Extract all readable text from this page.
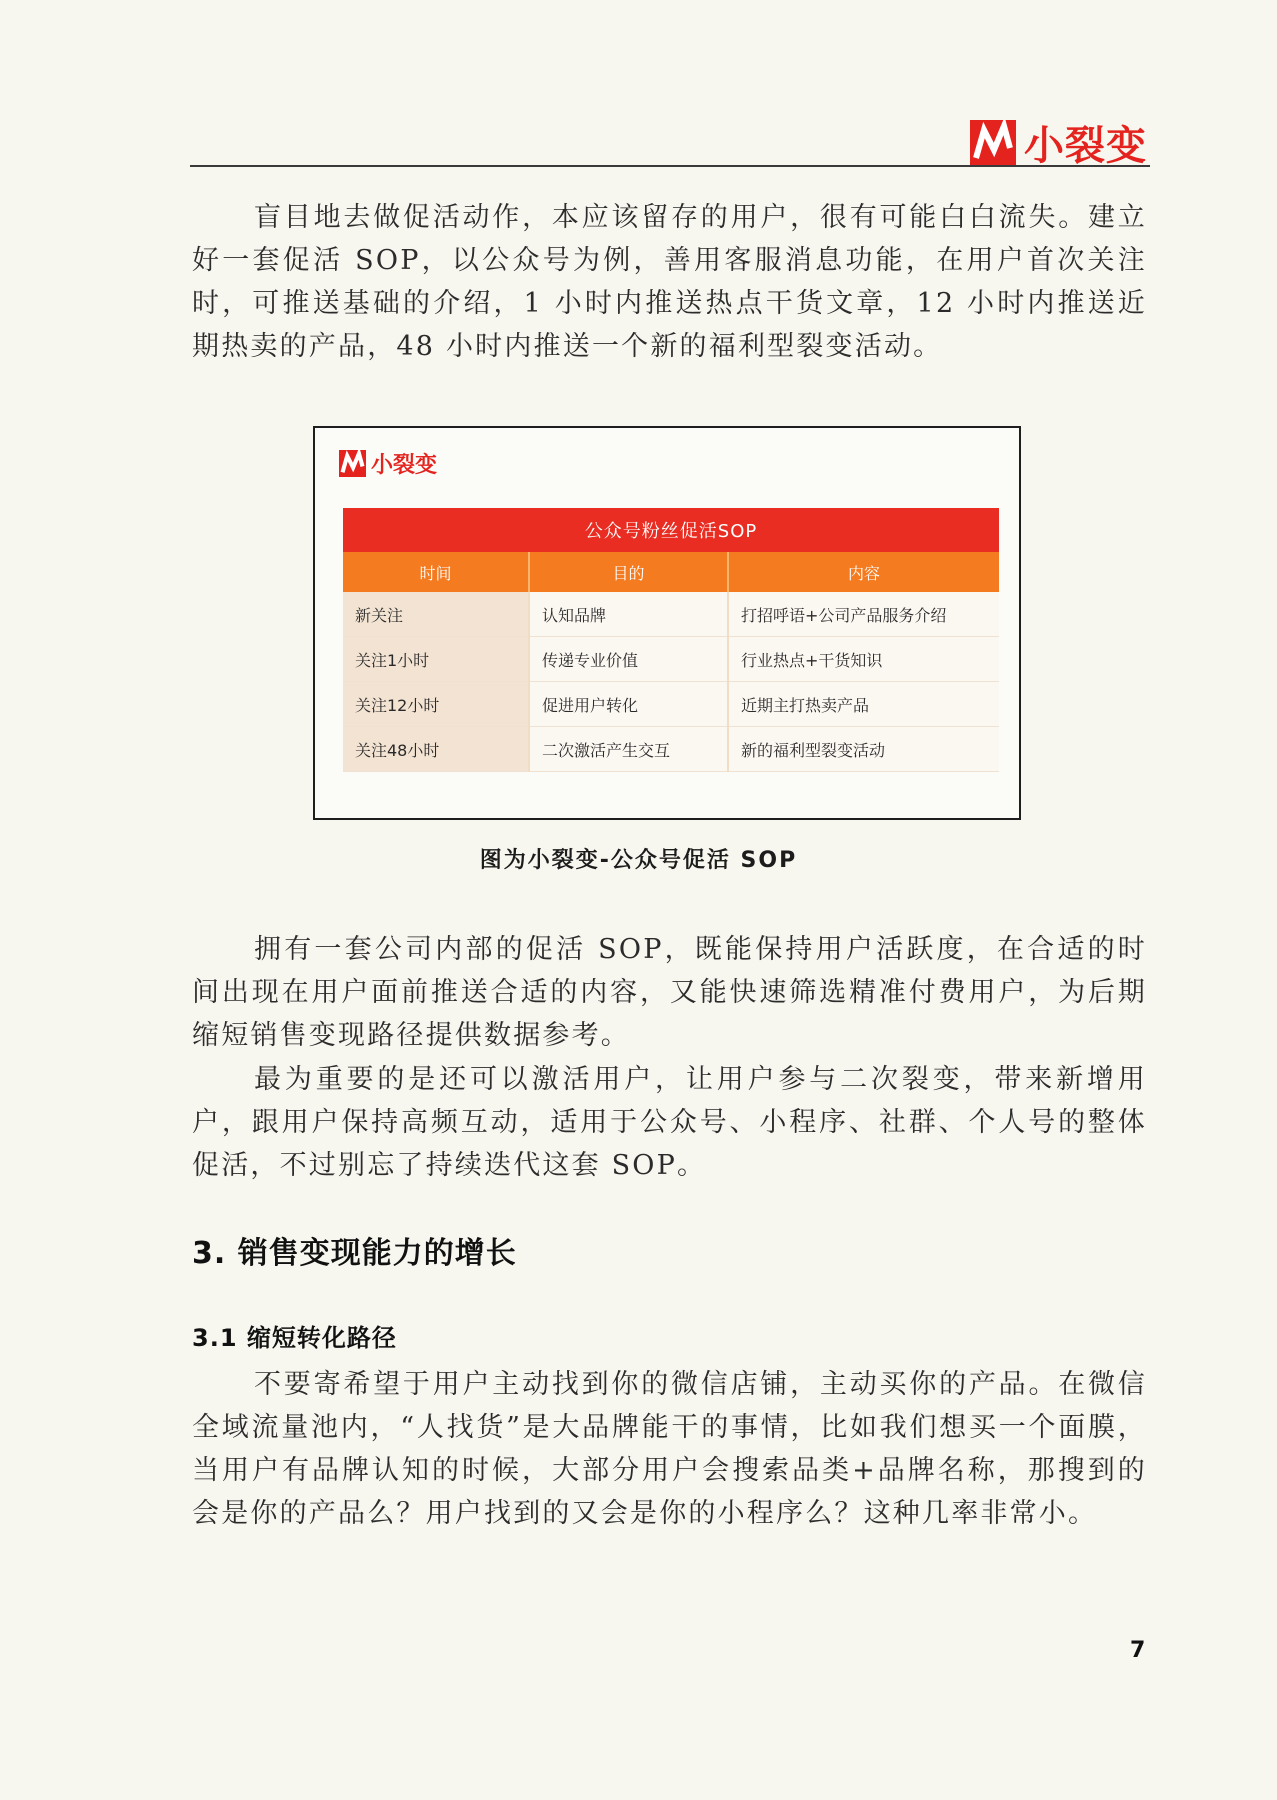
小裂变

盲目地去做促活动作，本应该留存的用户，很有可能白白流失。建立好一套促活 SOP，以公众号为例，善用客服消息功能，在用户首次关注时，可推送基础的介绍，1 小时内推送热点干货文章，12 小时内推送近期热卖的产品，48 小时内推送一个新的福利型裂变活动。

小裂变
公众号粉丝促活SOP		
时间	目的	内容
新关注	认知品牌	打招呼语+公司产品服务介绍
关注1小时	传递专业价值	行业热点+干货知识
关注12小时	促进用户转化	近期主打热卖产品
关注48小时	二次激活产生交互	新的福利型裂变活动
图为小裂变-公众号促活 SOP

拥有一套公司内部的促活 SOP，既能保持用户活跃度，在合适的时间出现在用户面前推送合适的内容，又能快速筛选精准付费用户，为后期缩短销售变现路径提供数据参考。

最为重要的是还可以激活用户，让用户参与二次裂变，带来新增用户，跟用户保持高频互动，适用于公众号、小程序、社群、个人号的整体促活，不过别忘了持续迭代这套 SOP。

3. 销售变现能力的增长
3.1 缩短转化路径

不要寄希望于用户主动找到你的微信店铺，主动买你的产品。在微信全域流量池内，“人找货”是大品牌能干的事情，比如我们想买一个面膜，当用户有品牌认知的时候，大部分用户会搜索品类+品牌名称，那搜到的会是你的产品么？用户找到的又会是你的小程序么？这种几率非常小。

7
